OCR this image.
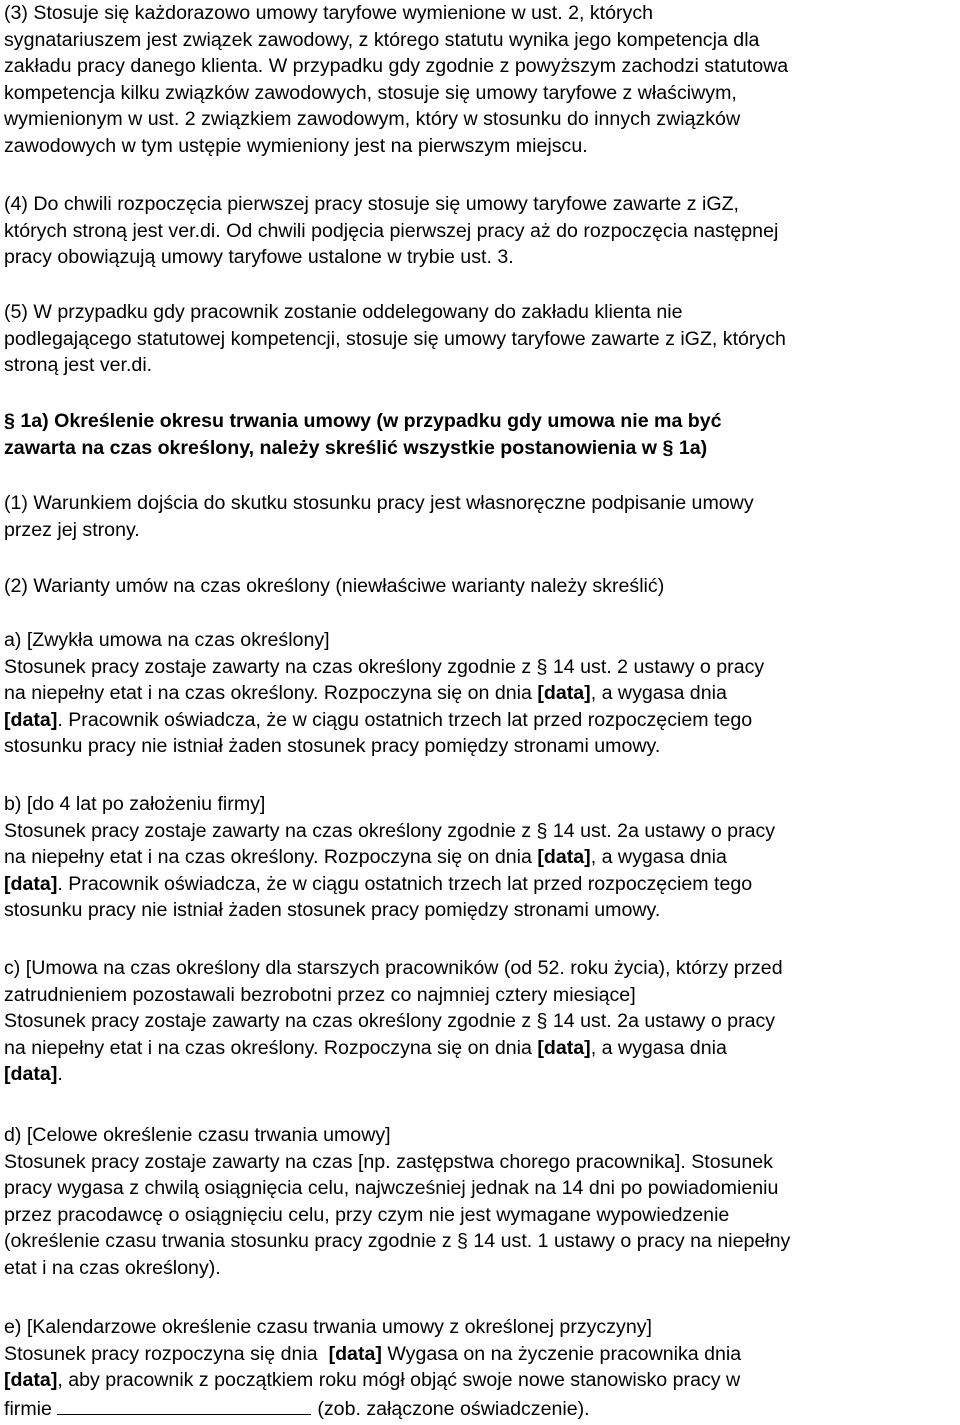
(3) Stosuje się każdorazowo umowy taryfowe wymienione w ust. 2, których
sygnatariuszem jest związek zawodowy, z którego statutu wynika jego kompetencja dla
zakładu pracy danego klienta. W przypadku gdy zgodnie z powyższym zachodzi statutowa
kompetencja kilku związków zawodowych, stosuje się umowy taryfowe z właściwym,
wymienionym w ust. 2 związkiem zawodowym, który w stosunku do innych związków
zawodowych w tym ustępie wymieniony jest na pierwszym miejscu.
(4) Do chwili rozpoczęcia pierwszej pracy stosuje się umowy taryfowe zawarte z iGZ,
których stroną jest ver.di. Od chwili podjęcia pierwszej pracy aż do rozpoczęcia następnej
pracy obowiązują umowy taryfowe ustalone w trybie ust. 3.
(5) W przypadku gdy pracownik zostanie oddelegowany do zakładu klienta nie
podlegającego statutowej kompetencji, stosuje się umowy taryfowe zawarte z iGZ, których
stroną jest ver.di.
§ 1a) Określenie okresu trwania umowy (w przypadku gdy umowa nie ma być
zawarta na czas określony, należy skreślić wszystkie postanowienia w § 1a)
(1) Warunkiem dojścia do skutku stosunku pracy jest własnoręczne podpisanie umowy
przez jej strony.
(2) Warianty umów na czas określony (niewłaściwe warianty należy skreślić)
a) [Zwykła umowa na czas określony]
Stosunek pracy zostaje zawarty na czas określony zgodnie z § 14 ust. 2 ustawy o pracy
na niepełny etat i na czas określony. Rozpoczyna się on dnia [data], a wygasa dnia
[data]. Pracownik oświadcza, że w ciągu ostatnich trzech lat przed rozpoczęciem tego
stosunku pracy nie istniał żaden stosunek pracy pomiędzy stronami umowy.
b) [do 4 lat po założeniu firmy]
Stosunek pracy zostaje zawarty na czas określony zgodnie z § 14 ust. 2a ustawy o pracy
na niepełny etat i na czas określony. Rozpoczyna się on dnia [data], a wygasa dnia
[data]. Pracownik oświadcza, że w ciągu ostatnich trzech lat przed rozpoczęciem tego
stosunku pracy nie istniał żaden stosunek pracy pomiędzy stronami umowy.
c) [Umowa na czas określony dla starszych pracowników (od 52. roku życia), którzy przed
zatrudnieniem pozostawali bezrobotni przez co najmniej cztery miesiące]
Stosunek pracy zostaje zawarty na czas określony zgodnie z § 14 ust. 2a ustawy o pracy
na niepełny etat i na czas określony. Rozpoczyna się on dnia [data], a wygasa dnia
[data].
d) [Celowe określenie czasu trwania umowy]
Stosunek pracy zostaje zawarty na czas [np. zastępstwa chorego pracownika]. Stosunek
pracy wygasa z chwilą osiągnięcia celu, najwcześniej jednak na 14 dni po powiadomieniu
przez pracodawcę o osiągnięciu celu, przy czym nie jest wymagane wypowiedzenie
(określenie czasu trwania stosunku pracy zgodnie z § 14 ust. 1 ustawy o pracy na niepełny
etat i na czas określony).
e) [Kalendarzowe określenie czasu trwania umowy z określonej przyczyny]
Stosunek pracy rozpoczyna się dnia  [data] Wygasa on na życzenie pracownika dnia
[data], aby pracownik z początkiem roku mógł objąć swoje nowe stanowisko pracy w
firmie	(zob. załączone oświadczenie).
